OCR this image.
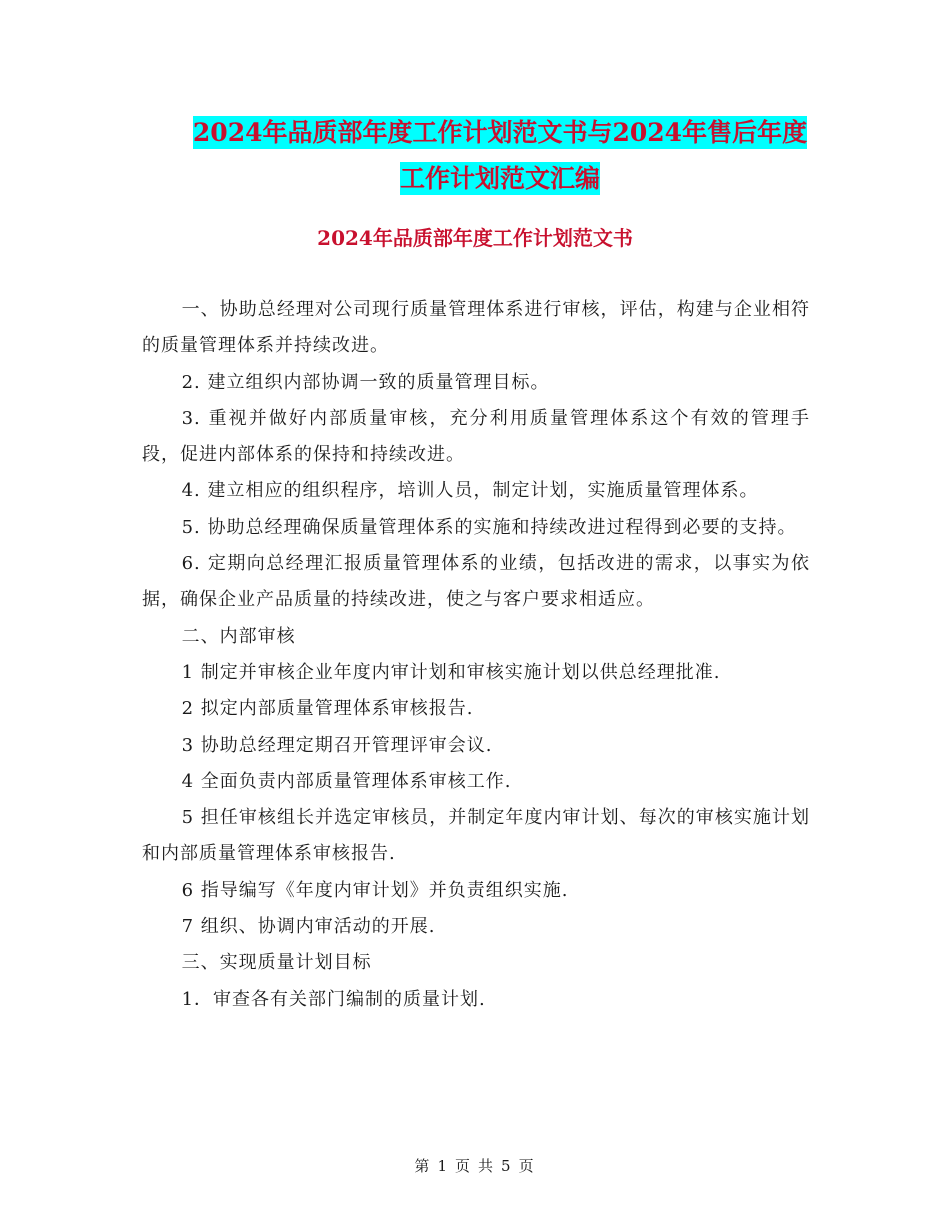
2024年品质部年度工作计划范文书与2024年售后年度
工作计划范文汇编
2024年品质部年度工作计划范文书

一、协助总经理对公司现行质量管理体系进行审核，评估，构建与企业相符的质量管理体系并持续改进。

2. 建立组织内部协调一致的质量管理目标。

3. 重视并做好内部质量审核，充分利用质量管理体系这个有效的管理手段，促进内部体系的保持和持续改进。

4. 建立相应的组织程序，培训人员，制定计划，实施质量管理体系。

5. 协助总经理确保质量管理体系的实施和持续改进过程得到必要的支持。

6. 定期向总经理汇报质量管理体系的业绩，包括改进的需求，以事实为依据，确保企业产品质量的持续改进，使之与客户要求相适应。

二、内部审核

1 制定并审核企业年度内审计划和审核实施计划以供总经理批准.

2 拟定内部质量管理体系审核报告.

3 协助总经理定期召开管理评审会议.

4 全面负责内部质量管理体系审核工作.

5 担任审核组长并选定审核员，并制定年度内审计划、每次的审核实施计划和内部质量管理体系审核报告.

6 指导编写《年度内审计划》并负责组织实施.

7 组织、协调内审活动的开展.

三、实现质量计划目标

1．审查各有关部门编制的质量计划.

第 1 页 共 5 页
